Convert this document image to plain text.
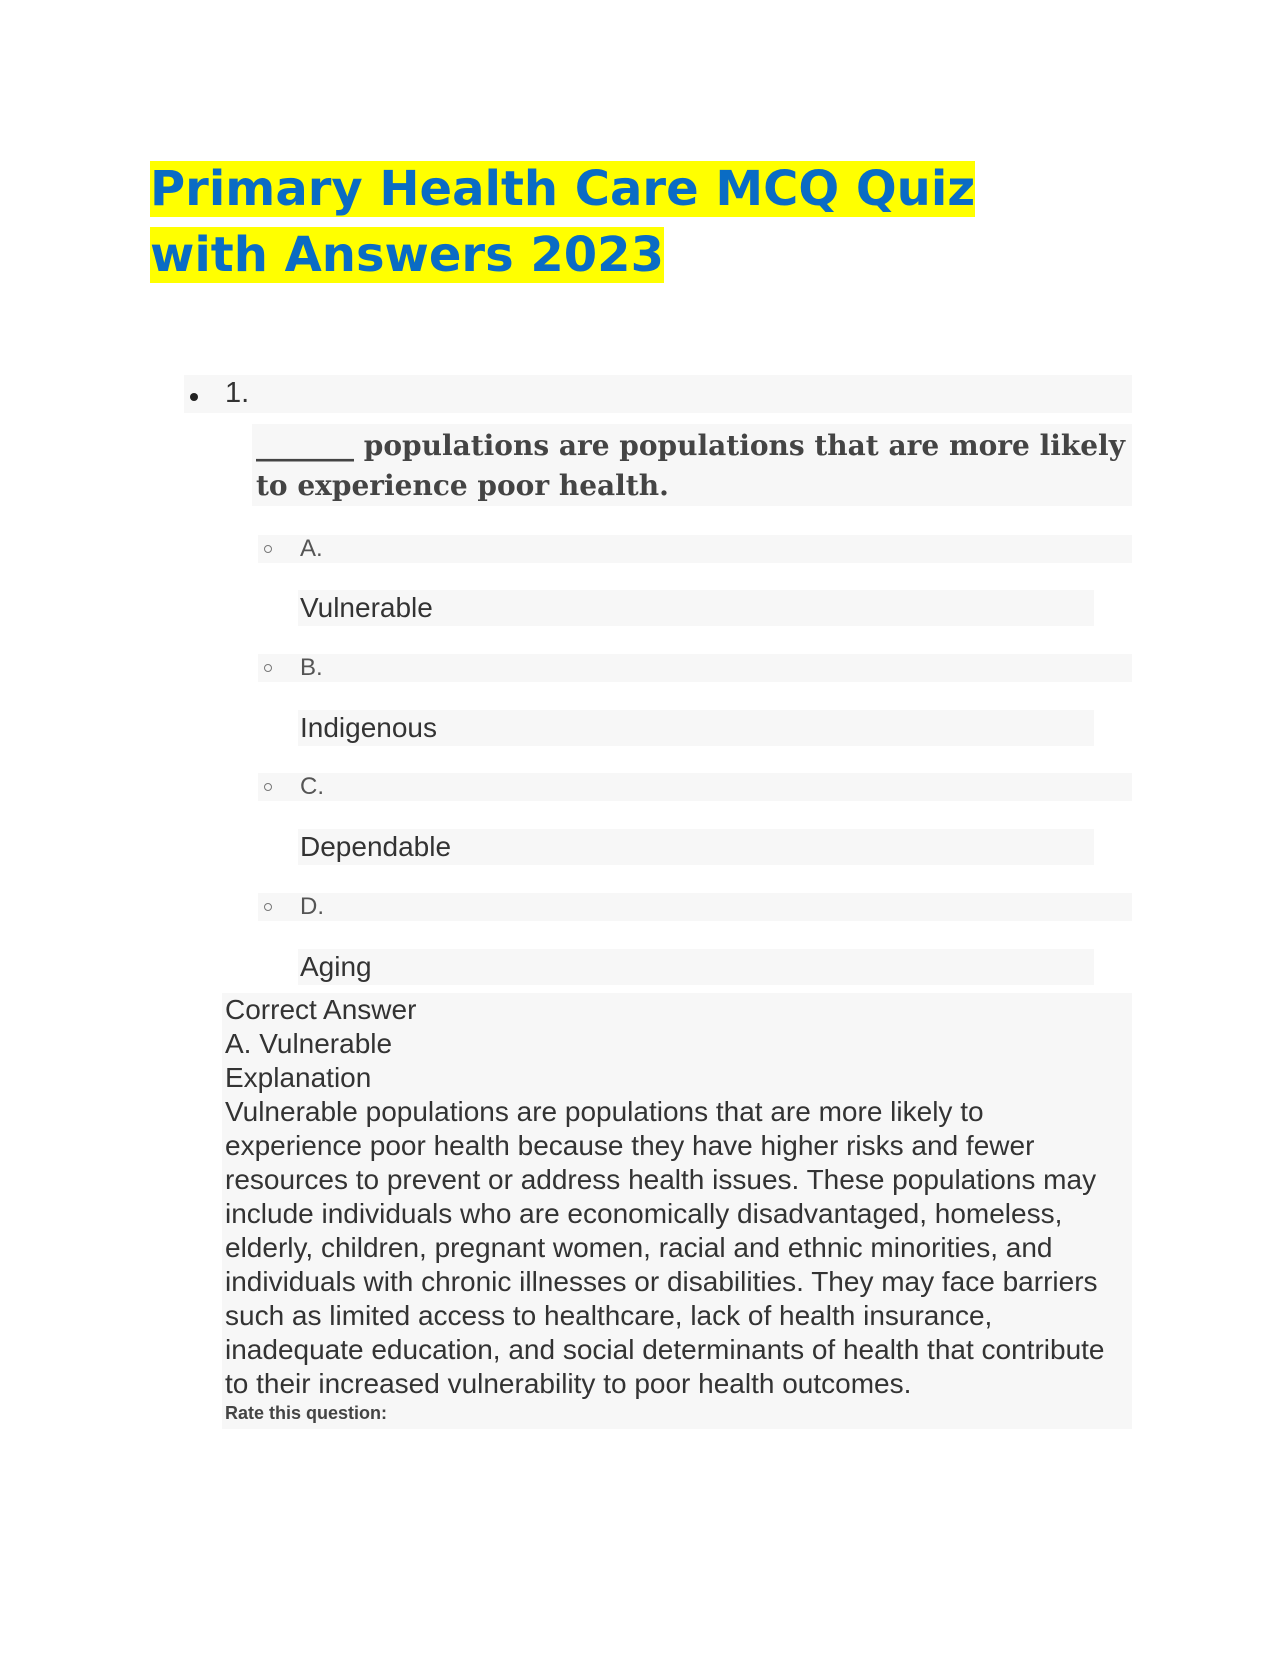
Primary Health Care MCQ Quiz with Answers 2023
1.
_______ populations are populations that are more likely to experience poor health.
A.
Vulnerable
B.
Indigenous
C.
Dependable
D.
Aging
Correct Answer
A. Vulnerable
Explanation
Vulnerable populations are populations that are more likely to experience poor health because they have higher risks and fewer resources to prevent or address health issues. These populations may include individuals who are economically disadvantaged, homeless, elderly, children, pregnant women, racial and ethnic minorities, and individuals with chronic illnesses or disabilities. They may face barriers such as limited access to healthcare, lack of health insurance, inadequate education, and social determinants of health that contribute to their increased vulnerability to poor health outcomes.
Rate this question:
